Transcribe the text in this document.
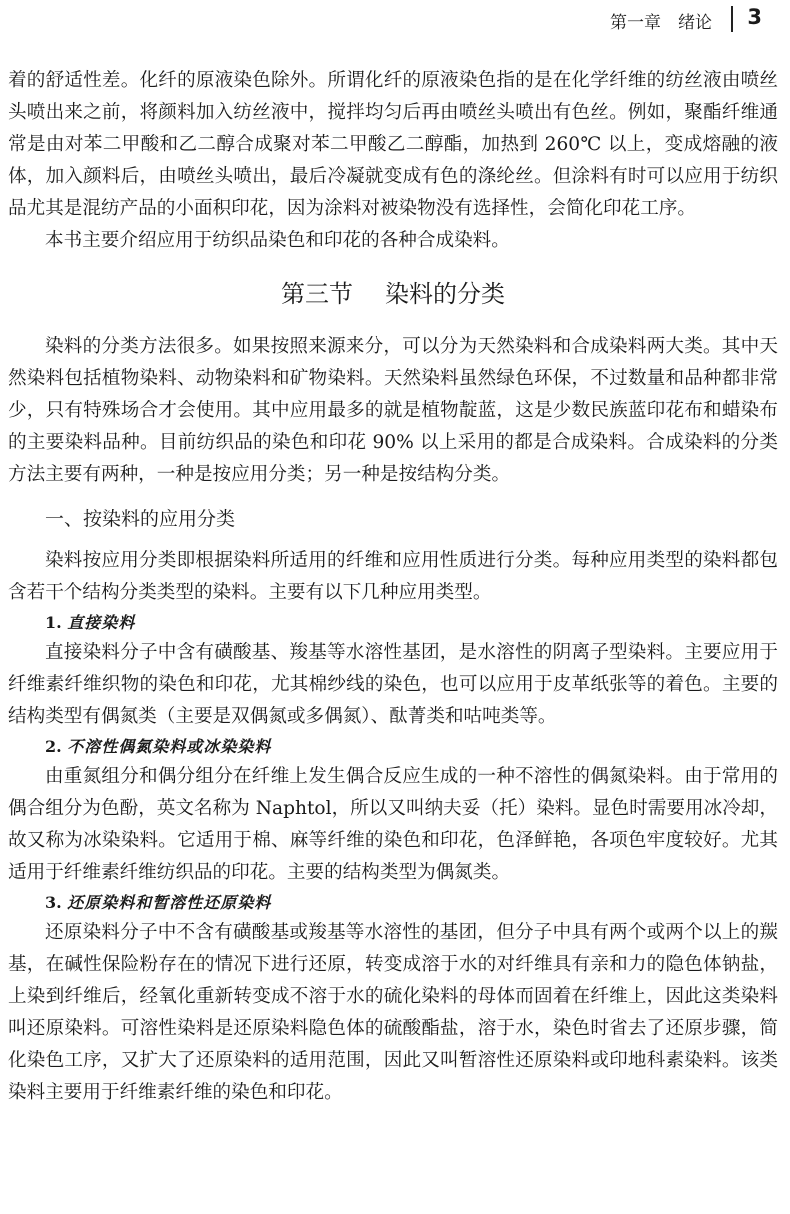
第一章　绪论 3

着的舒适性差。化纤的原液染色除外。所谓化纤的原液染色指的是在化学纤维的纺丝液由喷丝头喷出来之前，将颜料加入纺丝液中，搅拌均匀后再由喷丝头喷出有色丝。例如，聚酯纤维通常是由对苯二甲酸和乙二醇合成聚对苯二甲酸乙二醇酯，加热到 260℃ 以上，变成熔融的液体，加入颜料后，由喷丝头喷出，最后冷凝就变成有色的涤纶丝。但涂料有时可以应用于纺织品尤其是混纺产品的小面积印花，因为涂料对被染物没有选择性，会简化印花工序。

本书主要介绍应用于纺织品染色和印花的各种合成染料。

第三节 染料的分类

染料的分类方法很多。如果按照来源来分，可以分为天然染料和合成染料两大类。其中天然染料包括植物染料、动物染料和矿物染料。天然染料虽然绿色环保，不过数量和品种都非常少，只有特殊场合才会使用。其中应用最多的就是植物靛蓝，这是少数民族蓝印花布和蜡染布的主要染料品种。目前纺织品的染色和印花 90% 以上采用的都是合成染料。合成染料的分类方法主要有两种，一种是按应用分类；另一种是按结构分类。

一、按染料的应用分类

染料按应用分类即根据染料所适用的纤维和应用性质进行分类。每种应用类型的染料都包含若干个结构分类类型的染料。主要有以下几种应用类型。

1. 直接染料

直接染料分子中含有磺酸基、羧基等水溶性基团，是水溶性的阴离子型染料。主要应用于纤维素纤维织物的染色和印花，尤其棉纱线的染色，也可以应用于皮革纸张等的着色。主要的结构类型有偶氮类（主要是双偶氮或多偶氮）、酞菁类和咕吨类等。

2. 不溶性偶氮染料或冰染染料

由重氮组分和偶分组分在纤维上发生偶合反应生成的一种不溶性的偶氮染料。由于常用的偶合组分为色酚，英文名称为 Naphtol，所以又叫纳夫妥（托）染料。显色时需要用冰冷却，故又称为冰染染料。它适用于棉、麻等纤维的染色和印花，色泽鲜艳，各项色牢度较好。尤其适用于纤维素纤维纺织品的印花。主要的结构类型为偶氮类。

3. 还原染料和暂溶性还原染料

还原染料分子中不含有磺酸基或羧基等水溶性的基团，但分子中具有两个或两个以上的羰基，在碱性保险粉存在的情况下进行还原，转变成溶于水的对纤维具有亲和力的隐色体钠盐，上染到纤维后，经氧化重新转变成不溶于水的硫化染料的母体而固着在纤维上，因此这类染料叫还原染料。可溶性染料是还原染料隐色体的硫酸酯盐，溶于水，染色时省去了还原步骤，简化染色工序，又扩大了还原染料的适用范围，因此又叫暂溶性还原染料或印地科素染料。该类染料主要用于纤维素纤维的染色和印花。
